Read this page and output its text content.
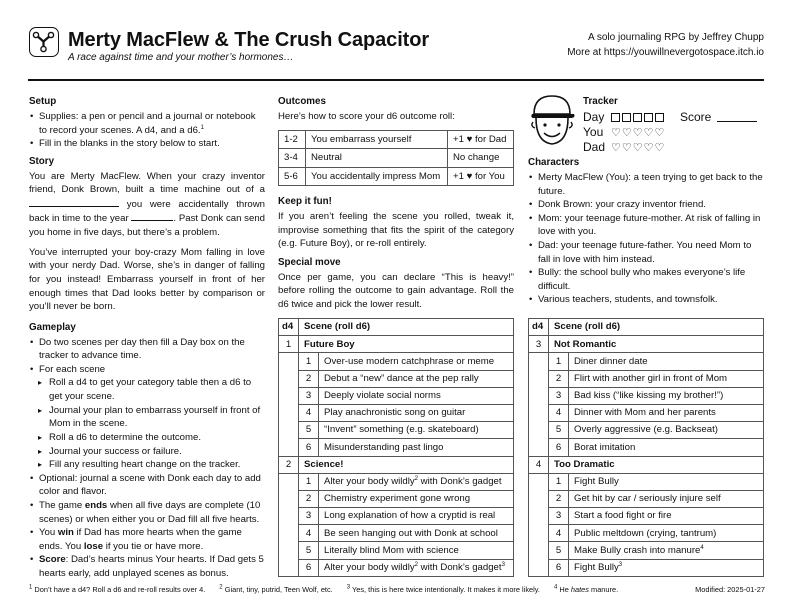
Merty MacFlew & The Crush Capacitor
A race against time and your mother’s hormones…
A solo journaling RPG by Jeffrey Chupp
More at https://youwillnevergotospace.itch.io
Setup
• Supplies: a pen or pencil and a journal or notebook to record your scenes. A d4, and a d6.$^1$
• Fill in the blanks in the story below to start.
Story

You are Merty MacFlew. When your crazy inventor friend, Donk Brown, built a time machine out of a  you were accidentally thrown back in time to the year	. Past Donk can send you home in five days, but there’s a problem.

You’ve interrupted your boy-crazy Mom falling in love with your nerdy Dad. Worse, she’s in danger of falling for you instead! Embarrass yourself in front of her enough times that Dad looks better by comparison or you’ll never be born.

Gameplay
• Do two scenes per day then fill a Day box on the tracker to advance time.
• For each scene
▸ Roll a d4 to get your category table then a d6 to get your scene.
▸ Journal your plan to embarrass yourself in front of Mom in the scene.
▸ Roll a d6 to determine the outcome.
▸ Journal your success or failure.
▸ Fill any resulting heart change on the tracker.
• Optional: journal a scene with Donk each day to add color and flavor.
• The game ends when all five days are complete (10 scenes) or when either you or Dad fill all five hearts.
• You win if Dad has more hearts when the game ends. You lose if you tie or have more.
• Score: Dad’s hearts minus Your hearts. If Dad gets 5 hearts early, add unplayed scenes as bonus.
Outcomes
Here’s how to score your d6 outcome roll:
1-2	You embarrass yourself	+1 ♥ for Dad
3-4	Neutral	No change
5-6	You accidentally impress Mom	+1 ♥ for You
Keep it fun!

If you aren’t feeling the scene you rolled, tweak it, improvise something that fits the spirit of the category (e.g. Future Boy), or re-roll entirely.

Special move

Once per game, you can declare “This is heavy!” before rolling the outcome to gain advantage. Roll the d6 twice and pick the lower result.

Tracker
Day	Score
You ♡♡♡♡♡
Dad ♡♡♡♡♡
Characters
• Merty MacFlew (You): a teen trying to get back to the future.
• Donk Brown: your crazy inventor friend.
• Mom: your teenage future-mother. At risk of falling in love with you.
• Dad: your teenage future-father. You need Mom to fall in love with him instead.
• Bully: the school bully who makes everyone’s life difficult.
• Various teachers, students, and townsfolk.
d4	Scene (roll d6)	
1	Future Boy	
	1	Over-use modern catchphrase or meme
	2	Debut a “new” dance at the pep rally
	3	Deeply violate social norms
	4	Play anachronistic song on guitar
	5	“Invent” something (e.g. skateboard)
	6	Misunderstanding past lingo
2	Science!	
	1	Alter your body wildly$^2$ with Donk’s gadget
	2	Chemistry experiment gone wrong
	3	Long explanation of how a cryptid is real
	4	Be seen hanging out with Donk at school
	5	Literally blind Mom with science
	6	Alter your body wildly$^2$ with Donk’s gadget$^3$
d4	Scene (roll d6)	
3	Not Romantic	
	1	Diner dinner date
	2	Flirt with another girl in front of Mom
	3	Bad kiss (“like kissing my brother!”)
	4	Dinner with Mom and her parents
	5	Overly aggressive (e.g. Backseat)
	6	Borat imitation
4	Too Dramatic	
	1	Fight Bully
	2	Get hit by car / seriously injure self
	3	Start a food fight or fire
	4	Public meltdown (crying, tantrum)
	5	Make Bully crash into manure$^4$
	6	Fight Bully$^3$
$^1$ Don’t have a d4? Roll a d6 and re-roll results over 4. $^2$ Giant, tiny, putrid, Teen Wolf, etc. $^3$ Yes, this is here twice intentionally. It makes it more likely. $^4$ He hates manure.	Modified: 2025-01-27
